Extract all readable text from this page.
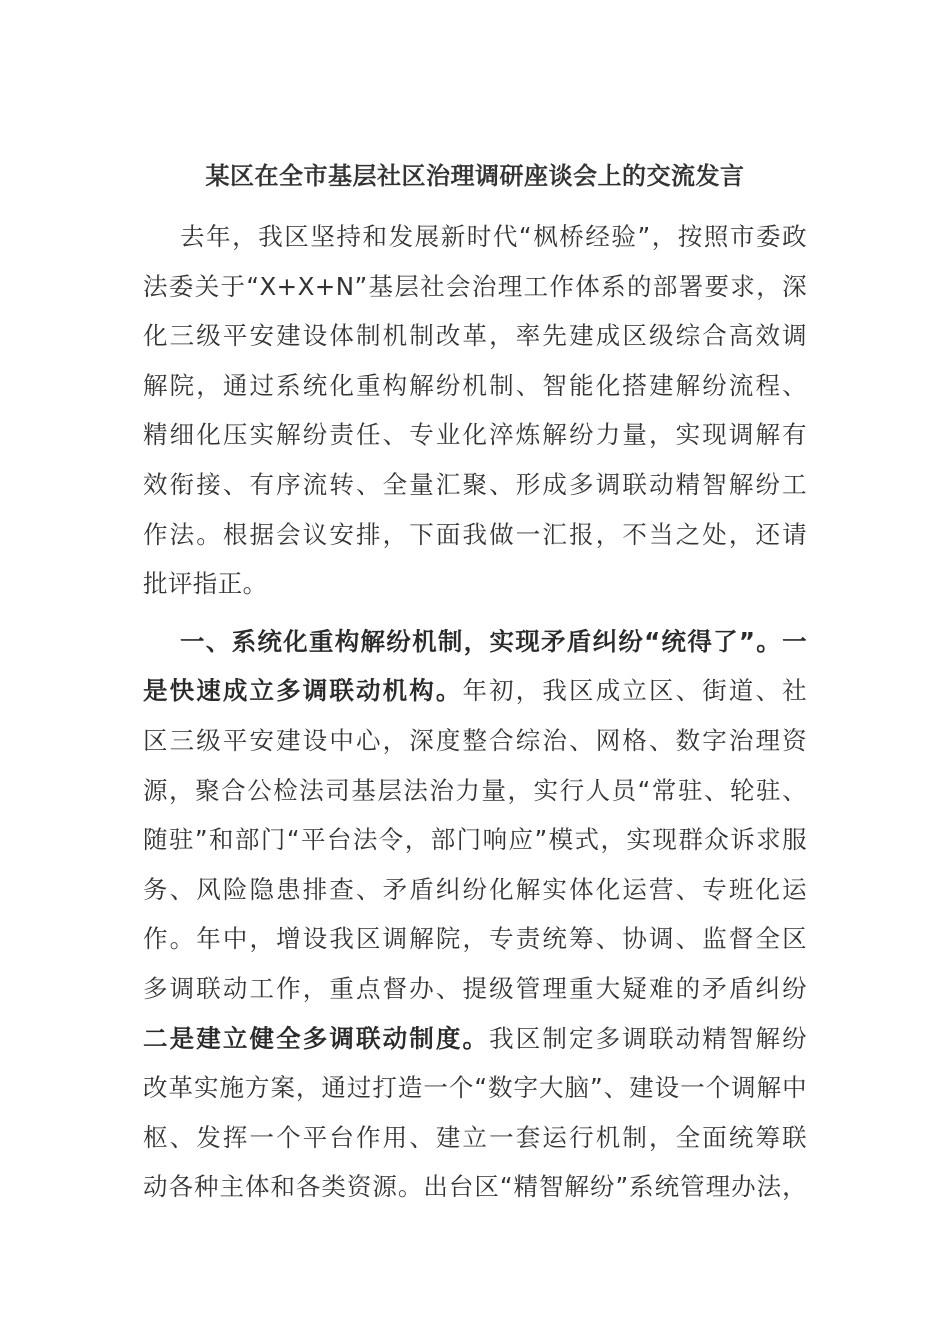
某区在全市基层社区治理调研座谈会上的交流发言
去年，我区坚持和发展新时代“枫桥经验”，按照市委政
法委关于“X+X+N”基层社会治理工作体系的部署要求，深
化三级平安建设体制机制改革，率先建成区级综合高效调
解院，通过系统化重构解纷机制、智能化搭建解纷流程、
精细化压实解纷责任、专业化淬炼解纷力量，实现调解有
效衔接、有序流转、全量汇聚、形成多调联动精智解纷工
作法。根据会议安排，下面我做一汇报，不当之处，还请
批评指正。
一、系统化重构解纷机制，实现矛盾纠纷“统得了”。一
是快速成立多调联动机构。年初，我区成立区、街道、社
区三级平安建设中心，深度整合综治、网格、数字治理资
源，聚合公检法司基层法治力量，实行人员“常驻、轮驻、
随驻”和部门“平台法令，部门响应”模式，实现群众诉求服
务、风险隐患排查、矛盾纠纷化解实体化运营、专班化运
作。年中，增设我区调解院，专责统筹、协调、监督全区
多调联动工作，重点督办、提级管理重大疑难的矛盾纠纷
二是建立健全多调联动制度。我区制定多调联动精智解纷
改革实施方案，通过打造一个“数字大脑”、建设一个调解中
枢、发挥一个平台作用、建立一套运行机制，全面统筹联
动各种主体和各类资源。出台区“精智解纷”系统管理办法，
